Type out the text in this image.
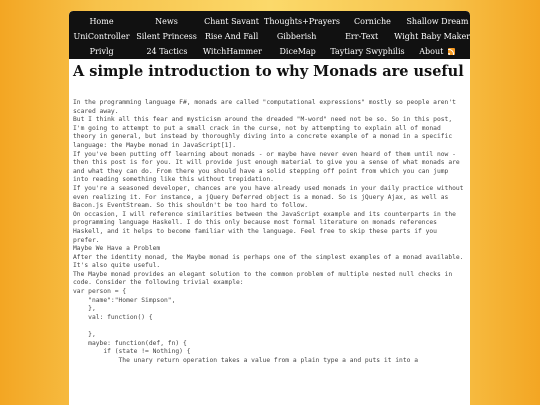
Home	News	Chant Savant Thoughts+Prayers	Corniche	Shallow Dream
UniController Silent Princess	Rise And Fall	Gibberish	Err-Text	Wight Baby Maker
Privlg	24 Tactics	WitchHammer	DiceMap	Taytiary Swyphilis About
A simple introduction to why Monads are useful

In the programming language F#, monads are called "computational expressions" mostly so people aren't scared away.

But I think all this fear and mysticism around the dreaded "M-word" need not be so. So in this post, I'm going to attempt to put a small crack in the curse, not by attempting to explain all of monad theory in general, but instead by thoroughly diving into a concrete example of a monad in a specific language: the Maybe monad in JavaScript[1].

If you've been putting off learning about monads - or maybe have never even heard of them until now - then this post is for you. It will provide just enough material to give you a sense of what monads are and what they can do. From there you should have a solid stepping off point from which you can jump into reading something like this without trepidation.

If you're a seasoned developer, chances are you have already used monads in your daily practice without even realizing it. For instance, a jQuery Deferred object is a monad. So is jQuery Ajax, as well as Bacon.js EventStream. So this shouldn't be too hard to follow.

On occasion, I will reference similarities between the JavaScript example and its counterparts in the programming language Haskell. I do this only because most formal literature on monads references Haskell, and it helps to become familiar with the language. Feel free to skip these parts if you prefer.

Maybe We Have a Problem

After the identity monad, the Maybe monad is perhaps one of the simplest examples of a monad available. It's also quite useful.

The Maybe monad provides an elegant solution to the common problem of multiple nested null checks in code. Consider the following trivial example:

var person = {
"name":"Homer Simpson",
},
val: function() {

},
maybe: function(def, fn) {
if (state != Nothing) {
The unary return operation takes a value from a plain type a and puts it into a
